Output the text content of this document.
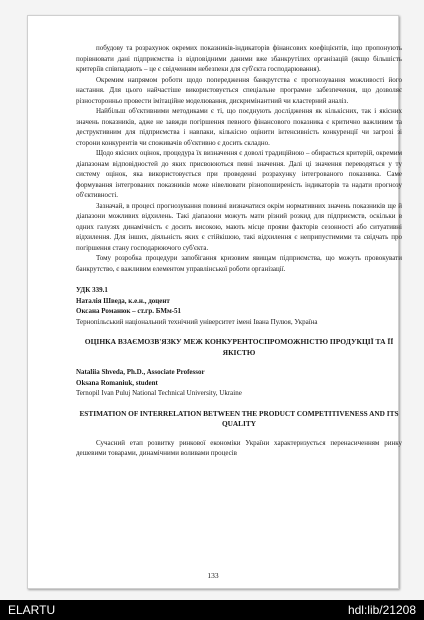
побудову та розрахунок окремих показників-індикаторів фінансових коефіцієнтів, іщо пропонують порівнювати дані підприємства із відповідними даними вже збанкрутілих організацій (якщо більшість критеріїв співпадають – це є свідченням небезпеки для суб'єкта господарювання).

Окремим напрямом роботи щодо попередження банкрутства є прогнозування можливості його настання. Для цього найчастіше використовується спеціальне програмне забезпечення, що дозволяє різносторонньо провести імітаційне моделювання, дискримінантний чи кластерний аналіз.

Найбільш об'єктивними методиками є ті, що поєднують дослідження як кількісних, так і якісних значень показників, адже не завжди погіршення певного фінансового показника є критично важливим та деструктивним для підприємства і навпаки, кількісно оцінити інтенсивність конкуренції чи загрозі зі сторони конкурентів чи споживачів об'єктивно є досить складно.

Щодо якісних оцінок, процедура їх визначення є доволі традиційною – обирається критерій, окремим діапазонам відповідностей до яких присвоюються певні значення. Далі ці значення переводяться у ту систему оцінок, яка використовується при проведенні розрахунку інтегрованого показника. Саме формування інтегрованих показників може нівелювати різнопоширеність індикаторів та надати прогнозу об'єктивності.

Зазначай, в процесі прогнозування повинні визначатися окрім нормативних значень показників ще й діапазони можливих відхилень. Такі діапазони можуть мати різний розкид для підприємств, оскільки в одних галузях динамічність є досить високою, мають місце прояви факторів сезонності або ситуативні відхилення. Для інших, діяльність яких є стійкішою, такі відхилення є неприпустимими та свідчать про погіршення стану господарюючого суб'єкта.

Тому розробка процедури запобігання кризовим явищам підприємства, що можуть провокувати банкрутство, є важливим елементом управлінської роботи організації.

УДК 339.1

Наталія Шведа, к.е.н., доцент

Оксана Романюк – ст.гр. БМм-51

Тернопільський національний технічний університет імені Івана Пулюя, Україна

ОЦІНКА ВЗАЄМОЗВ'ЯЗКУ МЕЖ КОНКУРЕНТОСПРОМОЖНІСТЮ ПРОДУКЦІЇ ТА ЇЇ ЯКІСТЮ

Nataliia Shveda, Ph.D., Associate Professor

Oksana Romaniuk, student

Ternopil Ivan Puluj National Technical University, Ukraine

ESTIMATION OF INTERRELATION BETWEEN THE PRODUCT COMPETITIVENESS AND ITS QUALITY

Сучасний етап розвитку ринкової економіки України характеризується перенасиченням ринку дешевими товарами, динамічними воливами процесів

133
ELARTU	hdl:lib/21208
